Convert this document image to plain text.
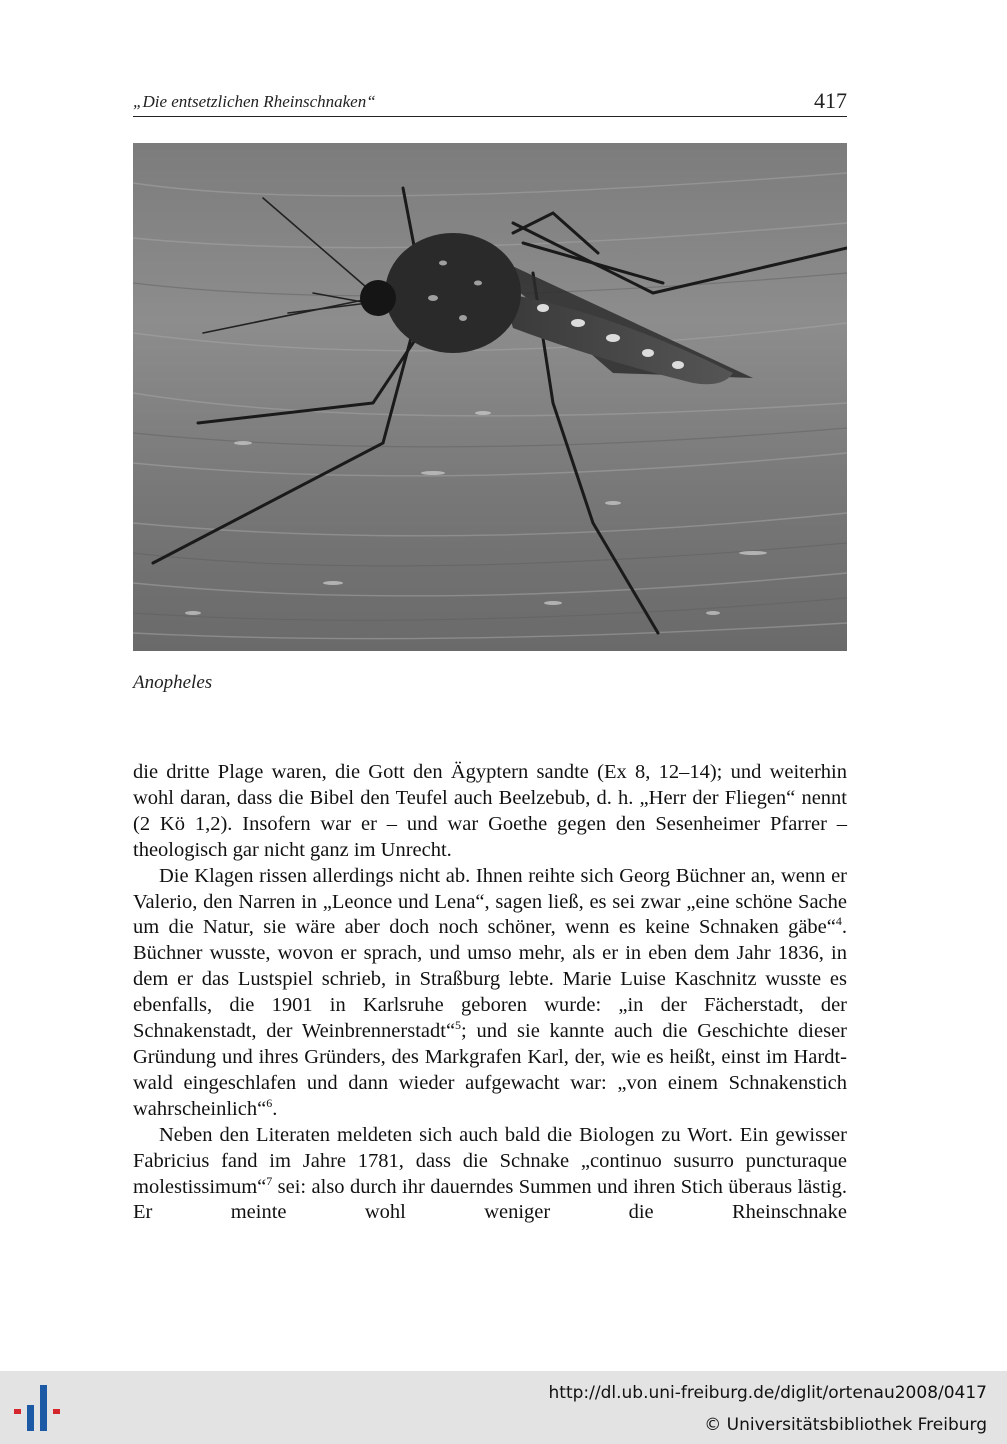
„Die entsetzlichen Rheinschnaken“	417
Anopheles

die dritte Plage waren, die Gott den Ägyptern sandte (Ex 8, 12–14); und weiterhin wohl daran, dass die Bibel den Teufel auch Beelzebub, d. h. „Herr der Fliegen“ nennt (2 Kö 1,2). Insofern war er – und war Goethe gegen den Sesenheimer Pfarrer – theologisch gar nicht ganz im Unrecht.

Die Klagen rissen allerdings nicht ab. Ihnen reihte sich Georg Büchner an, wenn er Valerio, den Narren in „Leonce und Lena“, sagen ließ, es sei zwar „eine schöne Sache um die Natur, sie wäre aber doch noch schöner, wenn es keine Schnaken gäbe“$^4$. Büchner wusste, wovon er sprach, und umso mehr, als er in eben dem Jahr 1836, in dem er das Lustspiel schrieb, in Straßburg lebte. Marie Luise Kaschnitz wusste es ebenfalls, die 1901 in Karlsruhe geboren wurde: „in der Fächerstadt, der Schnakenstadt, der Weinbrennerstadt“$^5$; und sie kannte auch die Geschichte dieser Gründung und ihres Gründers, des Markgrafen Karl, der, wie es heißt, einst im Hardtwald eingeschlafen und dann wieder aufgewacht war: „von einem Schnakenstich wahrscheinlich“$^6$.

Neben den Literaten meldeten sich auch bald die Biologen zu Wort. Ein gewisser Fabricius fand im Jahre 1781, dass die Schnake „continuo susurro puncturaque molestissimum“$^7$ sei: also durch ihr dauerndes Summen und ihren Stich überaus lästig. Er meinte wohl weniger die Rheinschnake

http://dl.ub.uni-freiburg.de/diglit/ortenau2008/0417
© Universitätsbibliothek Freiburg
